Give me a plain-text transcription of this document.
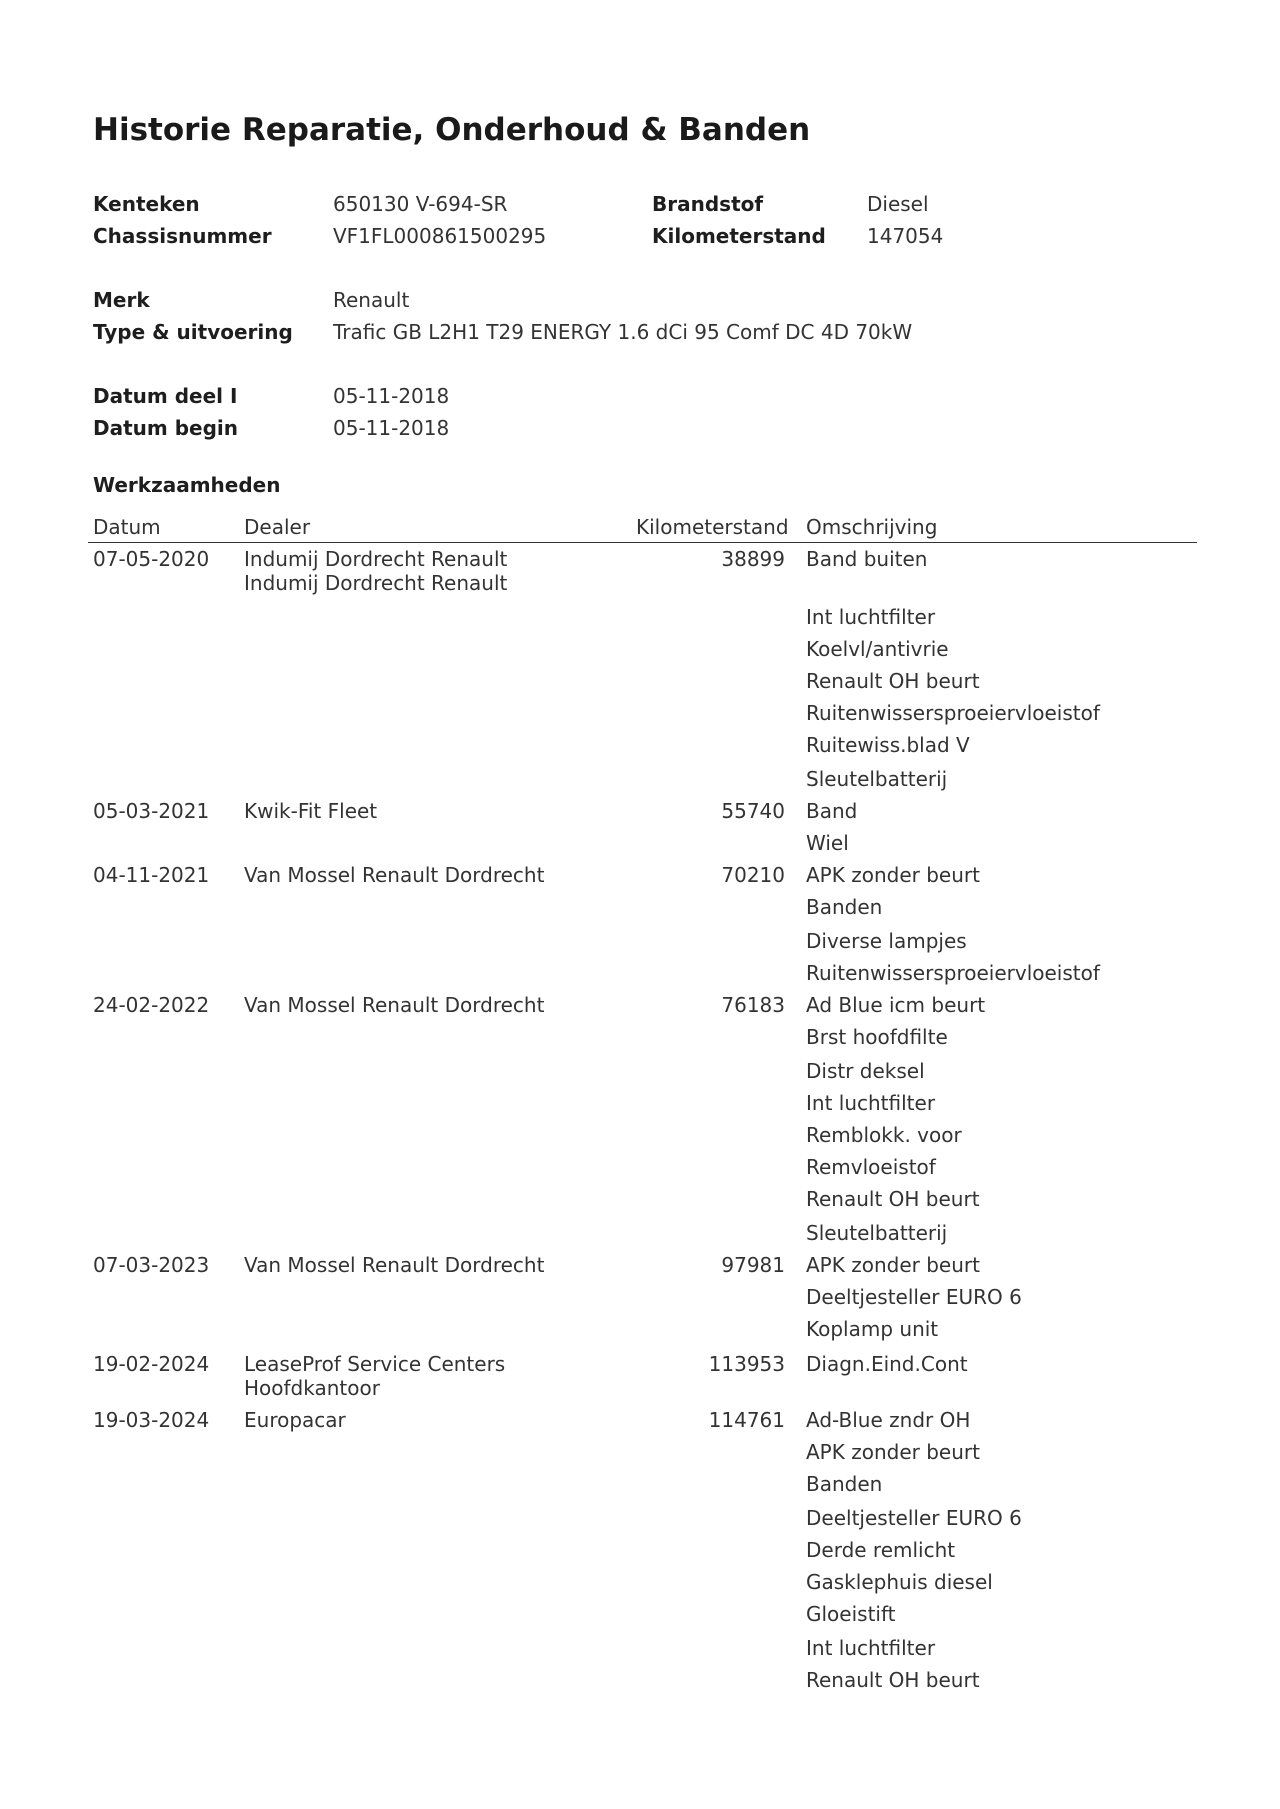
Historie Reparatie, Onderhoud & Banden
Kenteken	650130 V-694-SR	Brandstof	Diesel
Chassisnummer	VF1FL000861500295	Kilometerstand 147054
Merk	Renault
Type & uitvoering Trafic GB L2H1 T29 ENERGY 1.6 dCi 95 Comf DC 4D 70kW
Datum deel I	05-11-2018
Datum begin	05-11-2018
Werkzaamheden
Datum	Dealer	Kilometerstand Omschrijving
07-05-2020 Indumij Dordrecht Renault
Indumij Dordrecht Renault
38899 Band buiten
Int luchtfilter
Koelvl/antivrie
Renault OH beurt
Ruitenwissersproeiervloeistof
Ruitewiss.blad V
Sleutelbatterij
05-03-2021 Kwik-Fit Fleet	55740 Band
Wiel
04-11-2021 Van Mossel Renault Dordrecht	70210 APK zonder beurt
Banden
Diverse lampjes
Ruitenwissersproeiervloeistof
24-02-2022 Van Mossel Renault Dordrecht	76183 Ad Blue icm beurt
Brst hoofdfilte
Distr deksel
Int luchtfilter
Remblokk. voor
Remvloeistof
Renault OH beurt
Sleutelbatterij
07-03-2023 Van Mossel Renault Dordrecht	97981 APK zonder beurt
Deeltjesteller EURO 6
Koplamp unit
19-02-2024 LeaseProf Service Centers
Hoofdkantoor
113953 Diagn.Eind.Cont
19-03-2024 Europacar	114761 Ad-Blue zndr OH
APK zonder beurt
Banden
Deeltjesteller EURO 6
Derde remlicht
Gasklephuis diesel
Gloeistift
Int luchtfilter
Renault OH beurt
